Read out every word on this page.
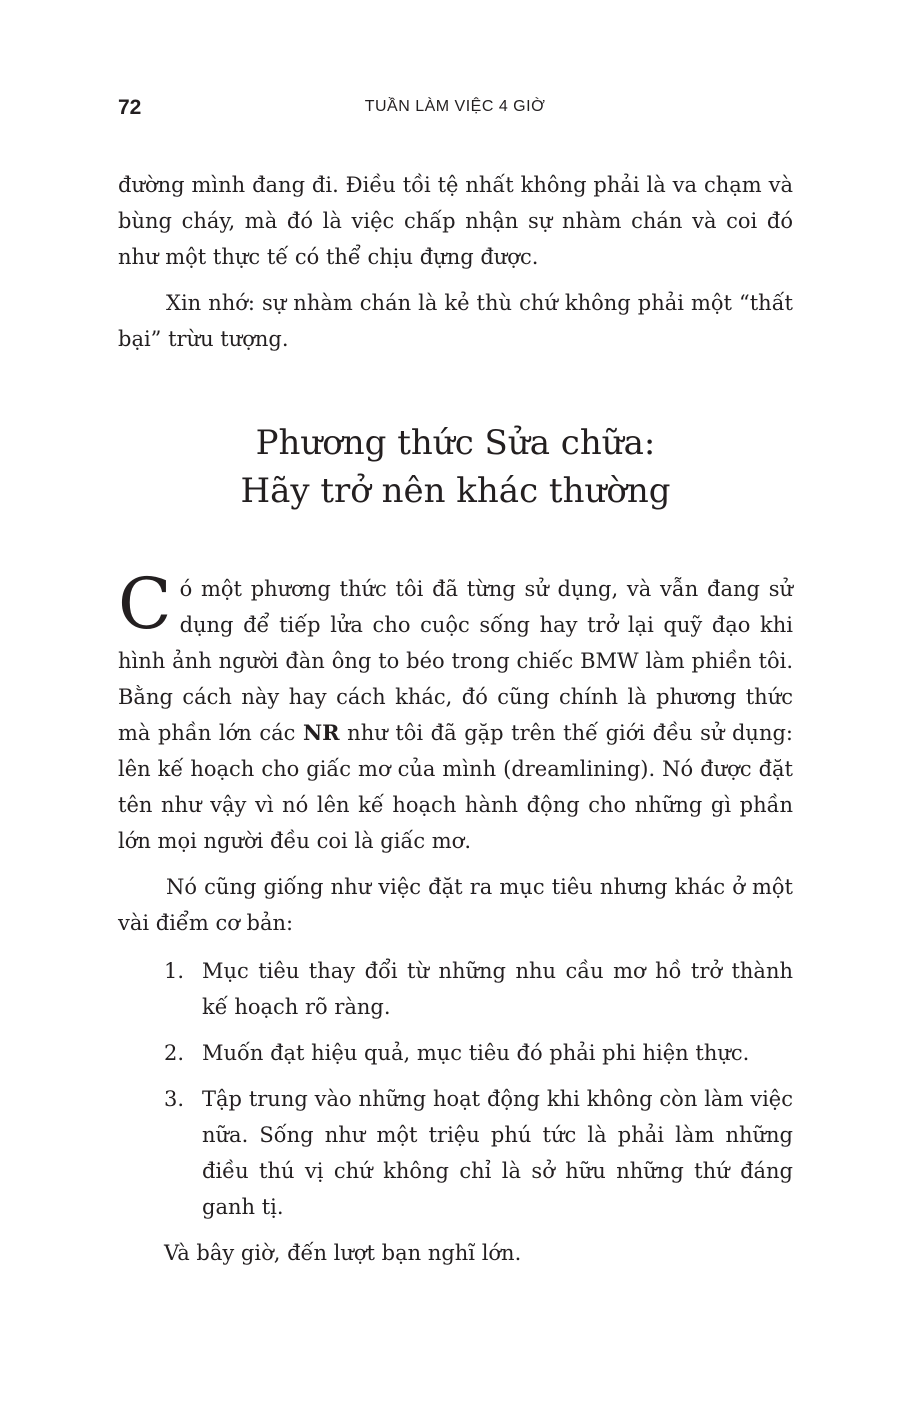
72	TUẦN LÀM VIỆC 4 GIỜ

đường mình đang đi. Điều tồi tệ nhất không phải là va chạm và bùng cháy, mà đó là việc chấp nhận sự nhàm chán và coi đó như một thực tế có thể chịu đựng được.

Xin nhớ: sự nhàm chán là kẻ thù chứ không phải một “thất bại” trừu tượng.

Phương thức Sửa chữa:
Hãy trở nên khác thường

Có một phương thức tôi đã từng sử dụng, và vẫn đang sử dụng để tiếp lửa cho cuộc sống hay trở lại quỹ đạo khi hình ảnh người đàn ông to béo trong chiếc BMW làm phiền tôi. Bằng cách này hay cách khác, đó cũng chính là phương thức mà phần lớn các NR như tôi đã gặp trên thế giới đều sử dụng: lên kế hoạch cho giấc mơ của mình (dreamlining). Nó được đặt tên như vậy vì nó lên kế hoạch hành động cho những gì phần lớn mọi người đều coi là giấc mơ.

Nó cũng giống như việc đặt ra mục tiêu nhưng khác ở một vài điểm cơ bản:

1. Mục tiêu thay đổi từ những nhu cầu mơ hồ trở thành kế hoạch rõ ràng.
2. Muốn đạt hiệu quả, mục tiêu đó phải phi hiện thực.
3. Tập trung vào những hoạt động khi không còn làm việc nữa. Sống như một triệu phú tức là phải làm những điều thú vị chứ không chỉ là sở hữu những thứ đáng ganh tị.

Và bây giờ, đến lượt bạn nghĩ lớn.
